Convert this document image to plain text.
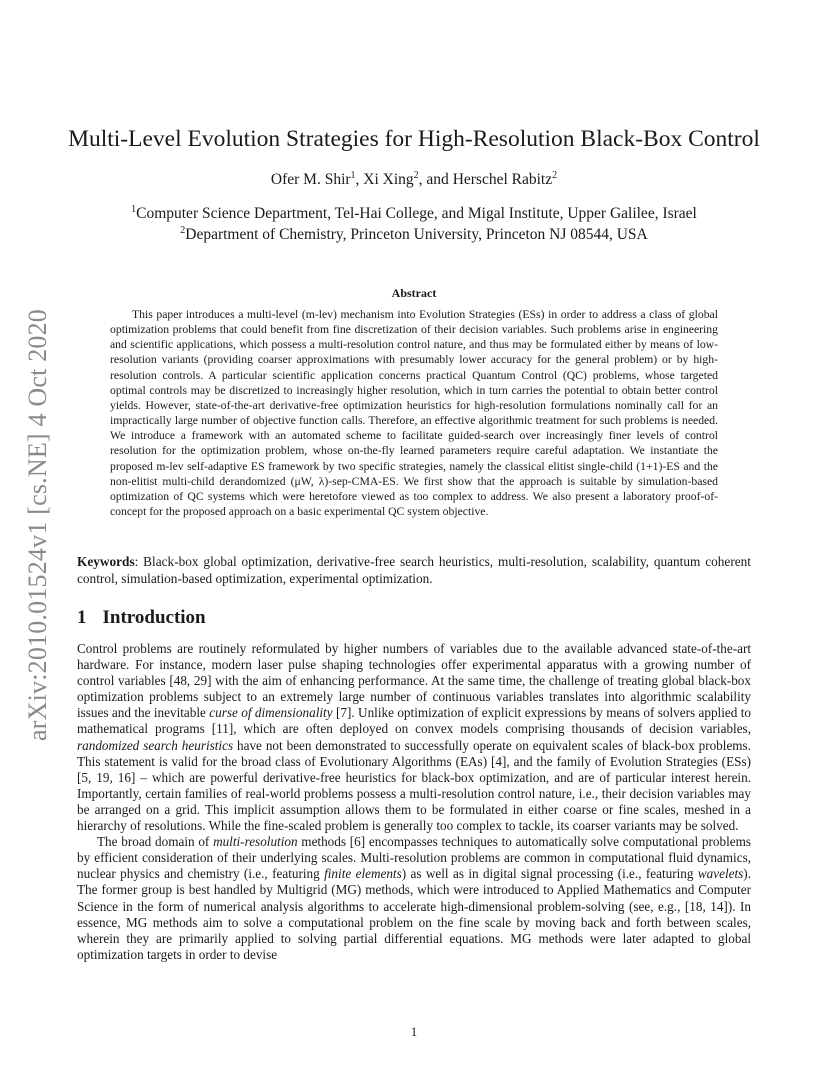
arXiv:2010.01524v1 [cs.NE] 4 Oct 2020
Multi-Level Evolution Strategies for High-Resolution Black-Box Control
Ofer M. Shir$^1$, Xi Xing$^2$, and Herschel Rabitz$^2$
$^1$Computer Science Department, Tel-Hai College, and Migal Institute, Upper Galilee, Israel
$^2$Department of Chemistry, Princeton University, Princeton NJ 08544, USA
Abstract

This paper introduces a multi-level (m-lev) mechanism into Evolution Strategies (ESs) in order to address a class of global optimization problems that could benefit from fine discretization of their decision variables. Such problems arise in engineering and scientific applications, which possess a multi-resolution control nature, and thus may be formulated either by means of low-resolution variants (providing coarser approximations with presumably lower accuracy for the general problem) or by high-resolution controls. A particular scientific application concerns practical Quantum Control (QC) problems, whose targeted optimal controls may be discretized to increasingly higher resolution, which in turn carries the potential to obtain better control yields. However, state-of-the-art derivative-free optimization heuristics for high-resolution formulations nominally call for an impractically large number of objective function calls. Therefore, an effective algorithmic treatment for such problems is needed. We introduce a framework with an automated scheme to facilitate guided-search over increasingly finer levels of control resolution for the optimization problem, whose on-the-fly learned parameters require careful adaptation. We instantiate the proposed m-lev self-adaptive ES framework by two specific strategies, namely the classical elitist single-child (1+1)-ES and the non-elitist multi-child derandomized (μW, λ)-sep-CMA-ES. We first show that the approach is suitable by simulation-based optimization of QC systems which were heretofore viewed as too complex to address. We also present a laboratory proof-of-concept for the proposed approach on a basic experimental QC system objective.

Keywords: Black-box global optimization, derivative-free search heuristics, multi-resolution, scalability, quantum coherent control, simulation-based optimization, experimental optimization.

1 Introduction

Control problems are routinely reformulated by higher numbers of variables due to the available advanced state-of-the-art hardware. For instance, modern laser pulse shaping technologies offer experimental apparatus with a growing number of control variables [48, 29] with the aim of enhancing performance. At the same time, the challenge of treating global black-box optimization problems subject to an extremely large number of continuous variables translates into algorithmic scalability issues and the inevitable curse of dimensionality [7]. Unlike optimization of explicit expressions by means of solvers applied to mathematical programs [11], which are often deployed on convex models comprising thousands of decision variables, randomized search heuristics have not been demonstrated to successfully operate on equivalent scales of black-box problems. This statement is valid for the broad class of Evolutionary Algorithms (EAs) [4], and the family of Evolution Strategies (ESs) [5, 19, 16] – which are powerful derivative-free heuristics for black-box optimization, and are of particular interest herein. Importantly, certain families of real-world problems possess a multi-resolution control nature, i.e., their decision variables may be arranged on a grid. This implicit assumption allows them to be formulated in either coarse or fine scales, meshed in a hierarchy of resolutions. While the fine-scaled problem is generally too complex to tackle, its coarser variants may be solved.

The broad domain of multi-resolution methods [6] encompasses techniques to automatically solve computational problems by efficient consideration of their underlying scales. Multi-resolution problems are common in computational fluid dynamics, nuclear physics and chemistry (i.e., featuring finite elements) as well as in digital signal processing (i.e., featuring wavelets). The former group is best handled by Multigrid (MG) methods, which were introduced to Applied Mathematics and Computer Science in the form of numerical analysis algorithms to accelerate high-dimensional problem-solving (see, e.g., [18, 14]). In essence, MG methods aim to solve a computational problem on the fine scale by moving back and forth between scales, wherein they are primarily applied to solving partial differential equations. MG methods were later adapted to global optimization targets in order to devise

1
